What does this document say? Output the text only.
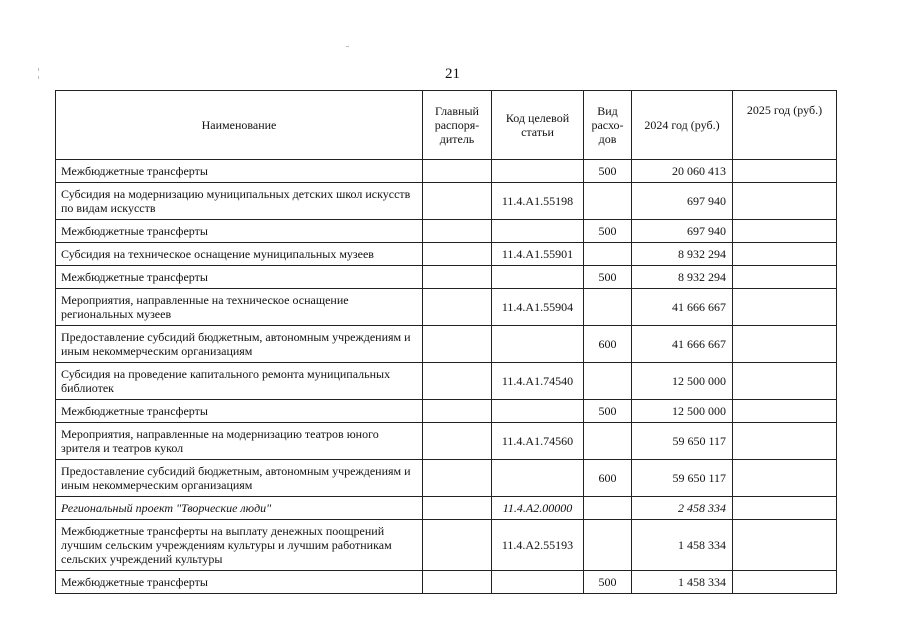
21
Наименование	Главный распоря-дитель	Код целевой статьи	Вид расхо-дов	2024 год (руб.)	2025 год (руб.)
Межбюджетные трансферты			500	20 060 413	
Субсидия на модернизацию муниципальных детских школ искусств по видам искусств		11.4.А1.55198		697 940	
Межбюджетные трансферты			500	697 940	
Субсидия на техническое оснащение муниципальных музеев		11.4.А1.55901		8 932 294	
Межбюджетные трансферты			500	8 932 294	
Мероприятия, направленные на техническое оснащение региональных музеев		11.4.А1.55904		41 666 667	
Предоставление субсидий бюджетным, автономным учреждениям и иным некоммерческим организациям			600	41 666 667	
Субсидия на проведение капитального ремонта муниципальных библиотек		11.4.А1.74540		12 500 000	
Межбюджетные трансферты			500	12 500 000	
Мероприятия, направленные на модернизацию театров юного зрителя и театров кукол		11.4.А1.74560		59 650 117	
Предоставление субсидий бюджетным, автономным учреждениям и иным некоммерческим организациям			600	59 650 117	
Региональный проект "Творческие люди"		11.4.А2.00000		2 458 334	
Межбюджетные трансферты на выплату денежных поощрений лучшим сельским учреждениям культуры и лучшим работникам сельских учреждений культуры		11.4.А2.55193		1 458 334	
Межбюджетные трансферты			500	1 458 334	
